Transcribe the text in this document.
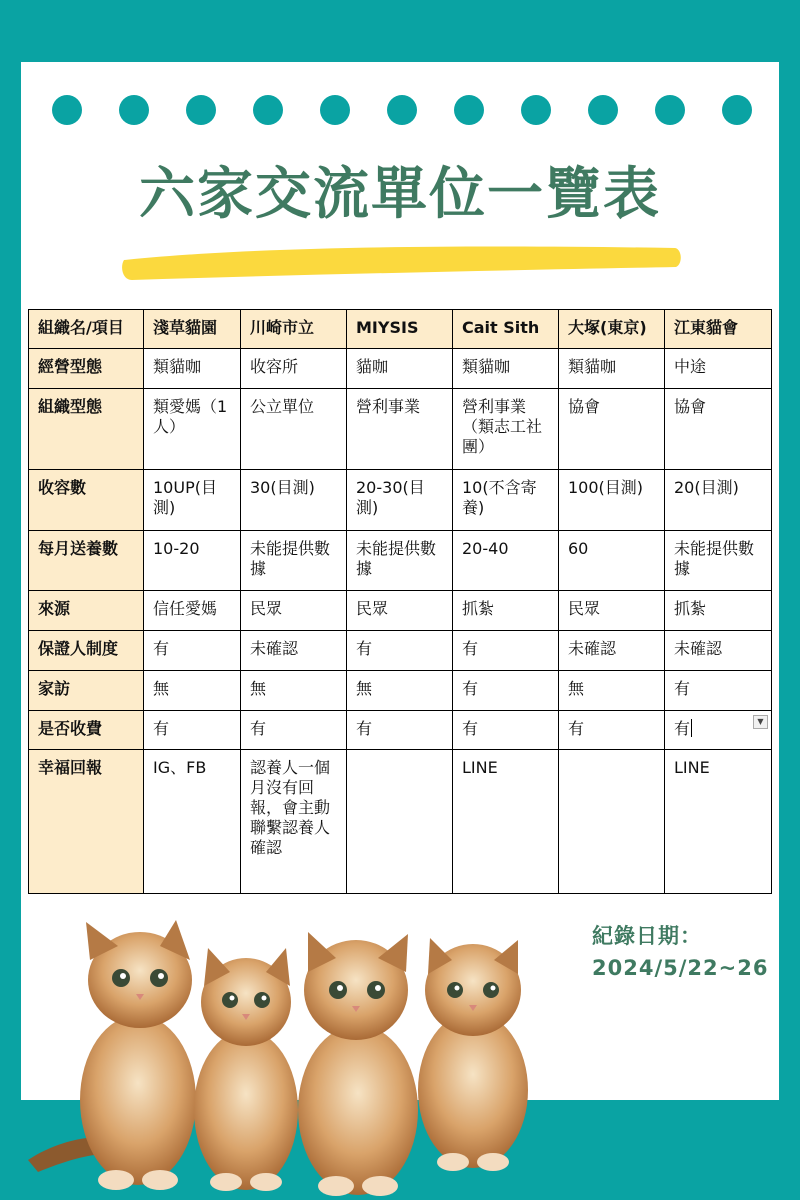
六家交流單位一覽表
組織名/項目	淺草貓園	川崎市立	MIYSIS	Cait Sith	大塚(東京)	江東貓會
經營型態	類貓咖	收容所	貓咖	類貓咖	類貓咖	中途
組織型態	類愛媽（1人）	公立單位	營利事業	營利事業（類志工社團）	協會	協會
收容數	10UP(目測)	30(目測)	20-30(目測)	10(不含寄養)	100(目測)	20(目測)
每月送養數	10-20	未能提供數據	未能提供數據	20-40	60	未能提供數據
來源	信任愛媽	民眾	民眾	抓紮	民眾	抓紮
保證人制度	有	未確認	有	有	未確認	未確認
家訪	無	無	無	有	無	有
是否收費	有	有	有	有	有	有 ▼

幸福回報	IG、FB	認養人一個月沒有回報，會主動聯繫認養人確認		LINE		LINE
紀錄日期：
2024/5/22~26
